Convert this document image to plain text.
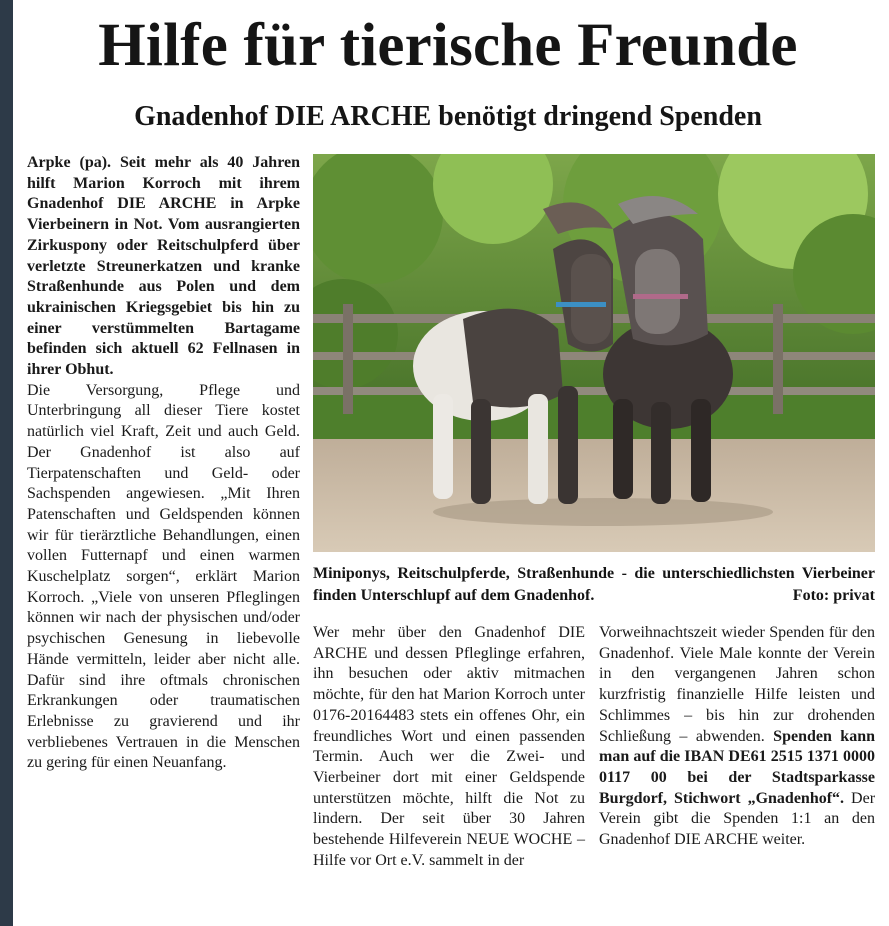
Hilfe für tierische Freunde
Gnadenhof DIE ARCHE benötigt dringend Spenden

Arpke (pa). Seit mehr als 40 Jahren hilft Marion Korroch mit ihrem Gnadenhof DIE ARCHE in Arpke Vierbeinern in Not. Vom ausrangierten Zirkuspony oder Reitschulpferd über verletzte Streunerkatzen und kranke Straßenhunde aus Polen und dem ukrainischen Kriegsgebiet bis hin zu einer verstümmelten Bartagame befinden sich aktuell 62 Fellnasen in ihrer Obhut.

Die Versorgung, Pflege und Unterbringung all dieser Tiere kostet natürlich viel Kraft, Zeit und auch Geld. Der Gnadenhof ist also auf Tierpatenschaften und Geld- oder Sachspenden angewiesen. „Mit Ihren Patenschaften und Geldspenden können wir für tierärztliche Behandlungen, einen vollen Futternapf und einen warmen Kuschelplatz sorgen“, erklärt Marion Korroch. „Viele von unseren Pfleglingen können wir nach der physischen und/oder psychischen Genesung in liebevolle Hände vermitteln, leider aber nicht alle. Dafür sind ihre oftmals chronischen Erkrankungen oder traumatischen Erlebnisse zu gravierend und ihr verbliebenes Vertrauen in die Menschen zu gering für einen Neuanfang.

Miniponys, Reitschulpferde, Straßenhunde - die unterschiedlichsten Vierbeiner finden Unterschlupf auf dem Gnadenhof.	Foto: privat

Wer mehr über den Gnadenhof DIE ARCHE und dessen Pfleglinge erfahren, ihn besuchen oder aktiv mitmachen möchte, für den hat Marion Korroch unter 0176-20164483 stets ein offenes Ohr, ein freundliches Wort und einen passenden Termin. Auch wer die Zwei- und Vierbeiner dort mit einer Geldspende unterstützen möchte, hilft die Not zu lindern. Der seit über 30 Jahren bestehende Hilfeverein NEUE WOCHE – Hilfe vor Ort e.V. sammelt in der

Vorweihnachtszeit wieder Spenden für den Gnadenhof. Viele Male konnte der Verein in den vergangenen Jahren schon kurzfristig finanzielle Hilfe leisten und Schlimmes – bis hin zur drohenden Schließung – abwenden. Spenden kann man auf die IBAN DE61 2515 1371 0000 0117 00 bei der Stadtsparkasse Burgdorf, Stichwort „Gnadenhof“. Der Verein gibt die Spenden 1:1 an den Gnadenhof DIE ARCHE weiter.
